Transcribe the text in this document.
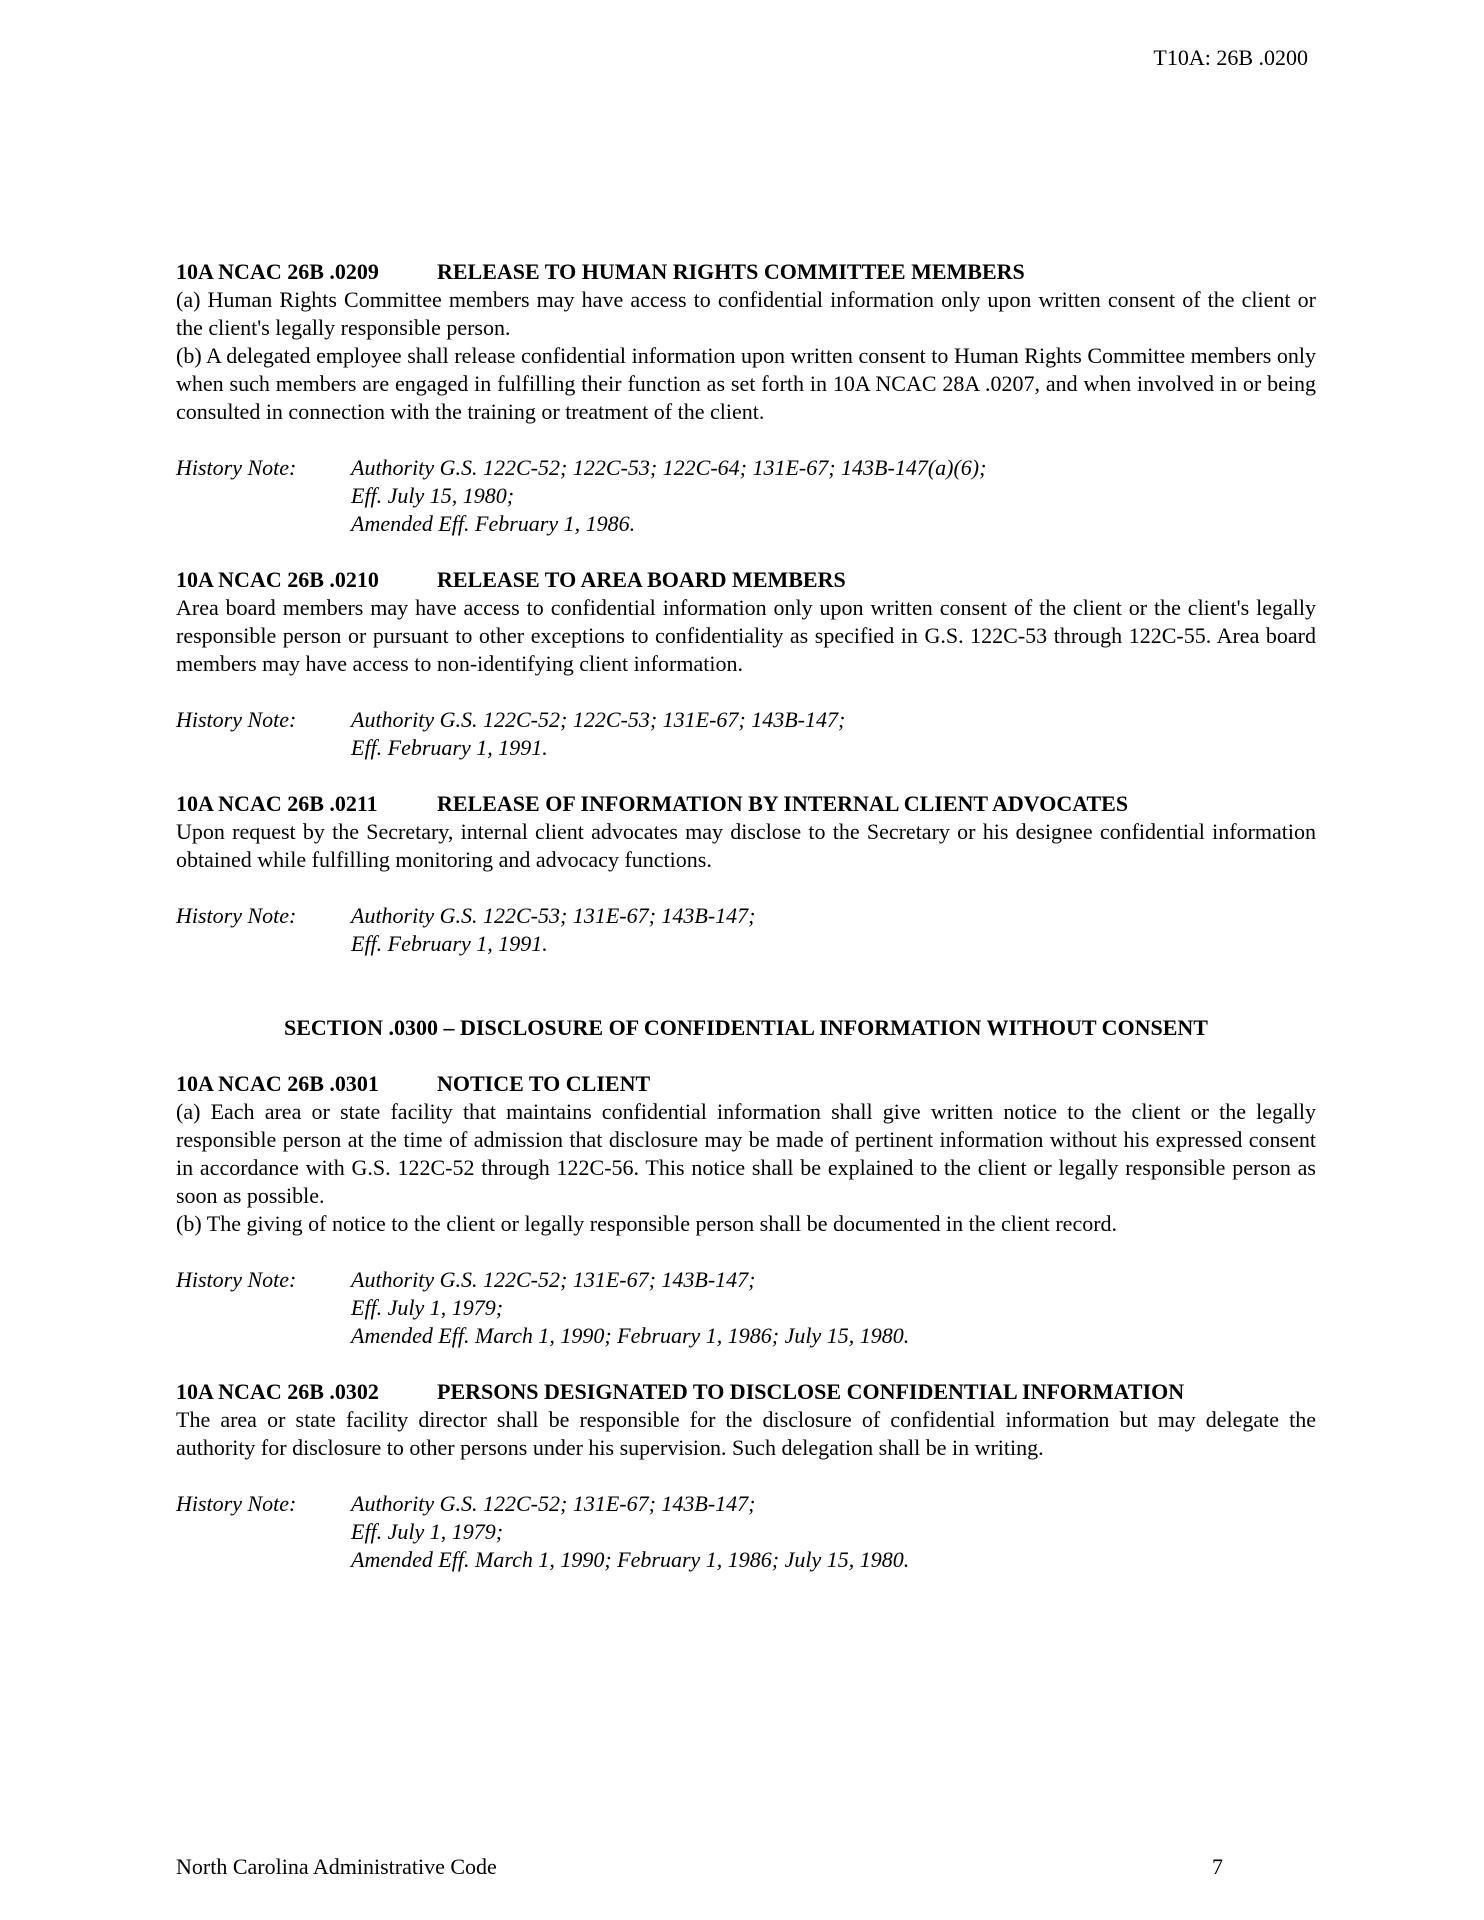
T10A: 26B .0200
10A NCAC 26B .0209	RELEASE TO HUMAN RIGHTS COMMITTEE MEMBERS

(a) Human Rights Committee members may have access to confidential information only upon written consent of the client or the client's legally responsible person.

(b) A delegated employee shall release confidential information upon written consent to Human Rights Committee members only when such members are engaged in fulfilling their function as set forth in 10A NCAC 28A .0207, and when involved in or being consulted in connection with the training or treatment of the client.

History Note:	Authority G.S. 122C-52; 122C-53; 122C-64; 131E-67; 143B-147(a)(6);
Eff. July 15, 1980;
Amended Eff. February 1, 1986.
10A NCAC 26B .0210	RELEASE TO AREA BOARD MEMBERS

Area board members may have access to confidential information only upon written consent of the client or the client's legally responsible person or pursuant to other exceptions to confidentiality as specified in G.S. 122C-53 through 122C-55. Area board members may have access to non-identifying client information.

History Note:	Authority G.S. 122C-52; 122C-53; 131E-67; 143B-147;
Eff. February 1, 1991.
10A NCAC 26B .0211	RELEASE OF INFORMATION BY INTERNAL CLIENT ADVOCATES

Upon request by the Secretary, internal client advocates may disclose to the Secretary or his designee confidential information obtained while fulfilling monitoring and advocacy functions.

History Note:	Authority G.S. 122C-53; 131E-67; 143B-147;
Eff. February 1, 1991.
SECTION .0300 – DISCLOSURE OF CONFIDENTIAL INFORMATION WITHOUT CONSENT
10A NCAC 26B .0301	NOTICE TO CLIENT

(a) Each area or state facility that maintains confidential information shall give written notice to the client or the legally responsible person at the time of admission that disclosure may be made of pertinent information without his expressed consent in accordance with G.S. 122C-52 through 122C-56. This notice shall be explained to the client or legally responsible person as soon as possible.

(b) The giving of notice to the client or legally responsible person shall be documented in the client record.

History Note:	Authority G.S. 122C-52; 131E-67; 143B-147;
Eff. July 1, 1979;
Amended Eff. March 1, 1990; February 1, 1986; July 15, 1980.
10A NCAC 26B .0302	PERSONS DESIGNATED TO DISCLOSE CONFIDENTIAL INFORMATION

The area or state facility director shall be responsible for the disclosure of confidential information but may delegate the authority for disclosure to other persons under his supervision. Such delegation shall be in writing.

History Note:	Authority G.S. 122C-52; 131E-67; 143B-147;
Eff. July 1, 1979;
Amended Eff. March 1, 1990; February 1, 1986; July 15, 1980.
North Carolina Administrative Code	7
